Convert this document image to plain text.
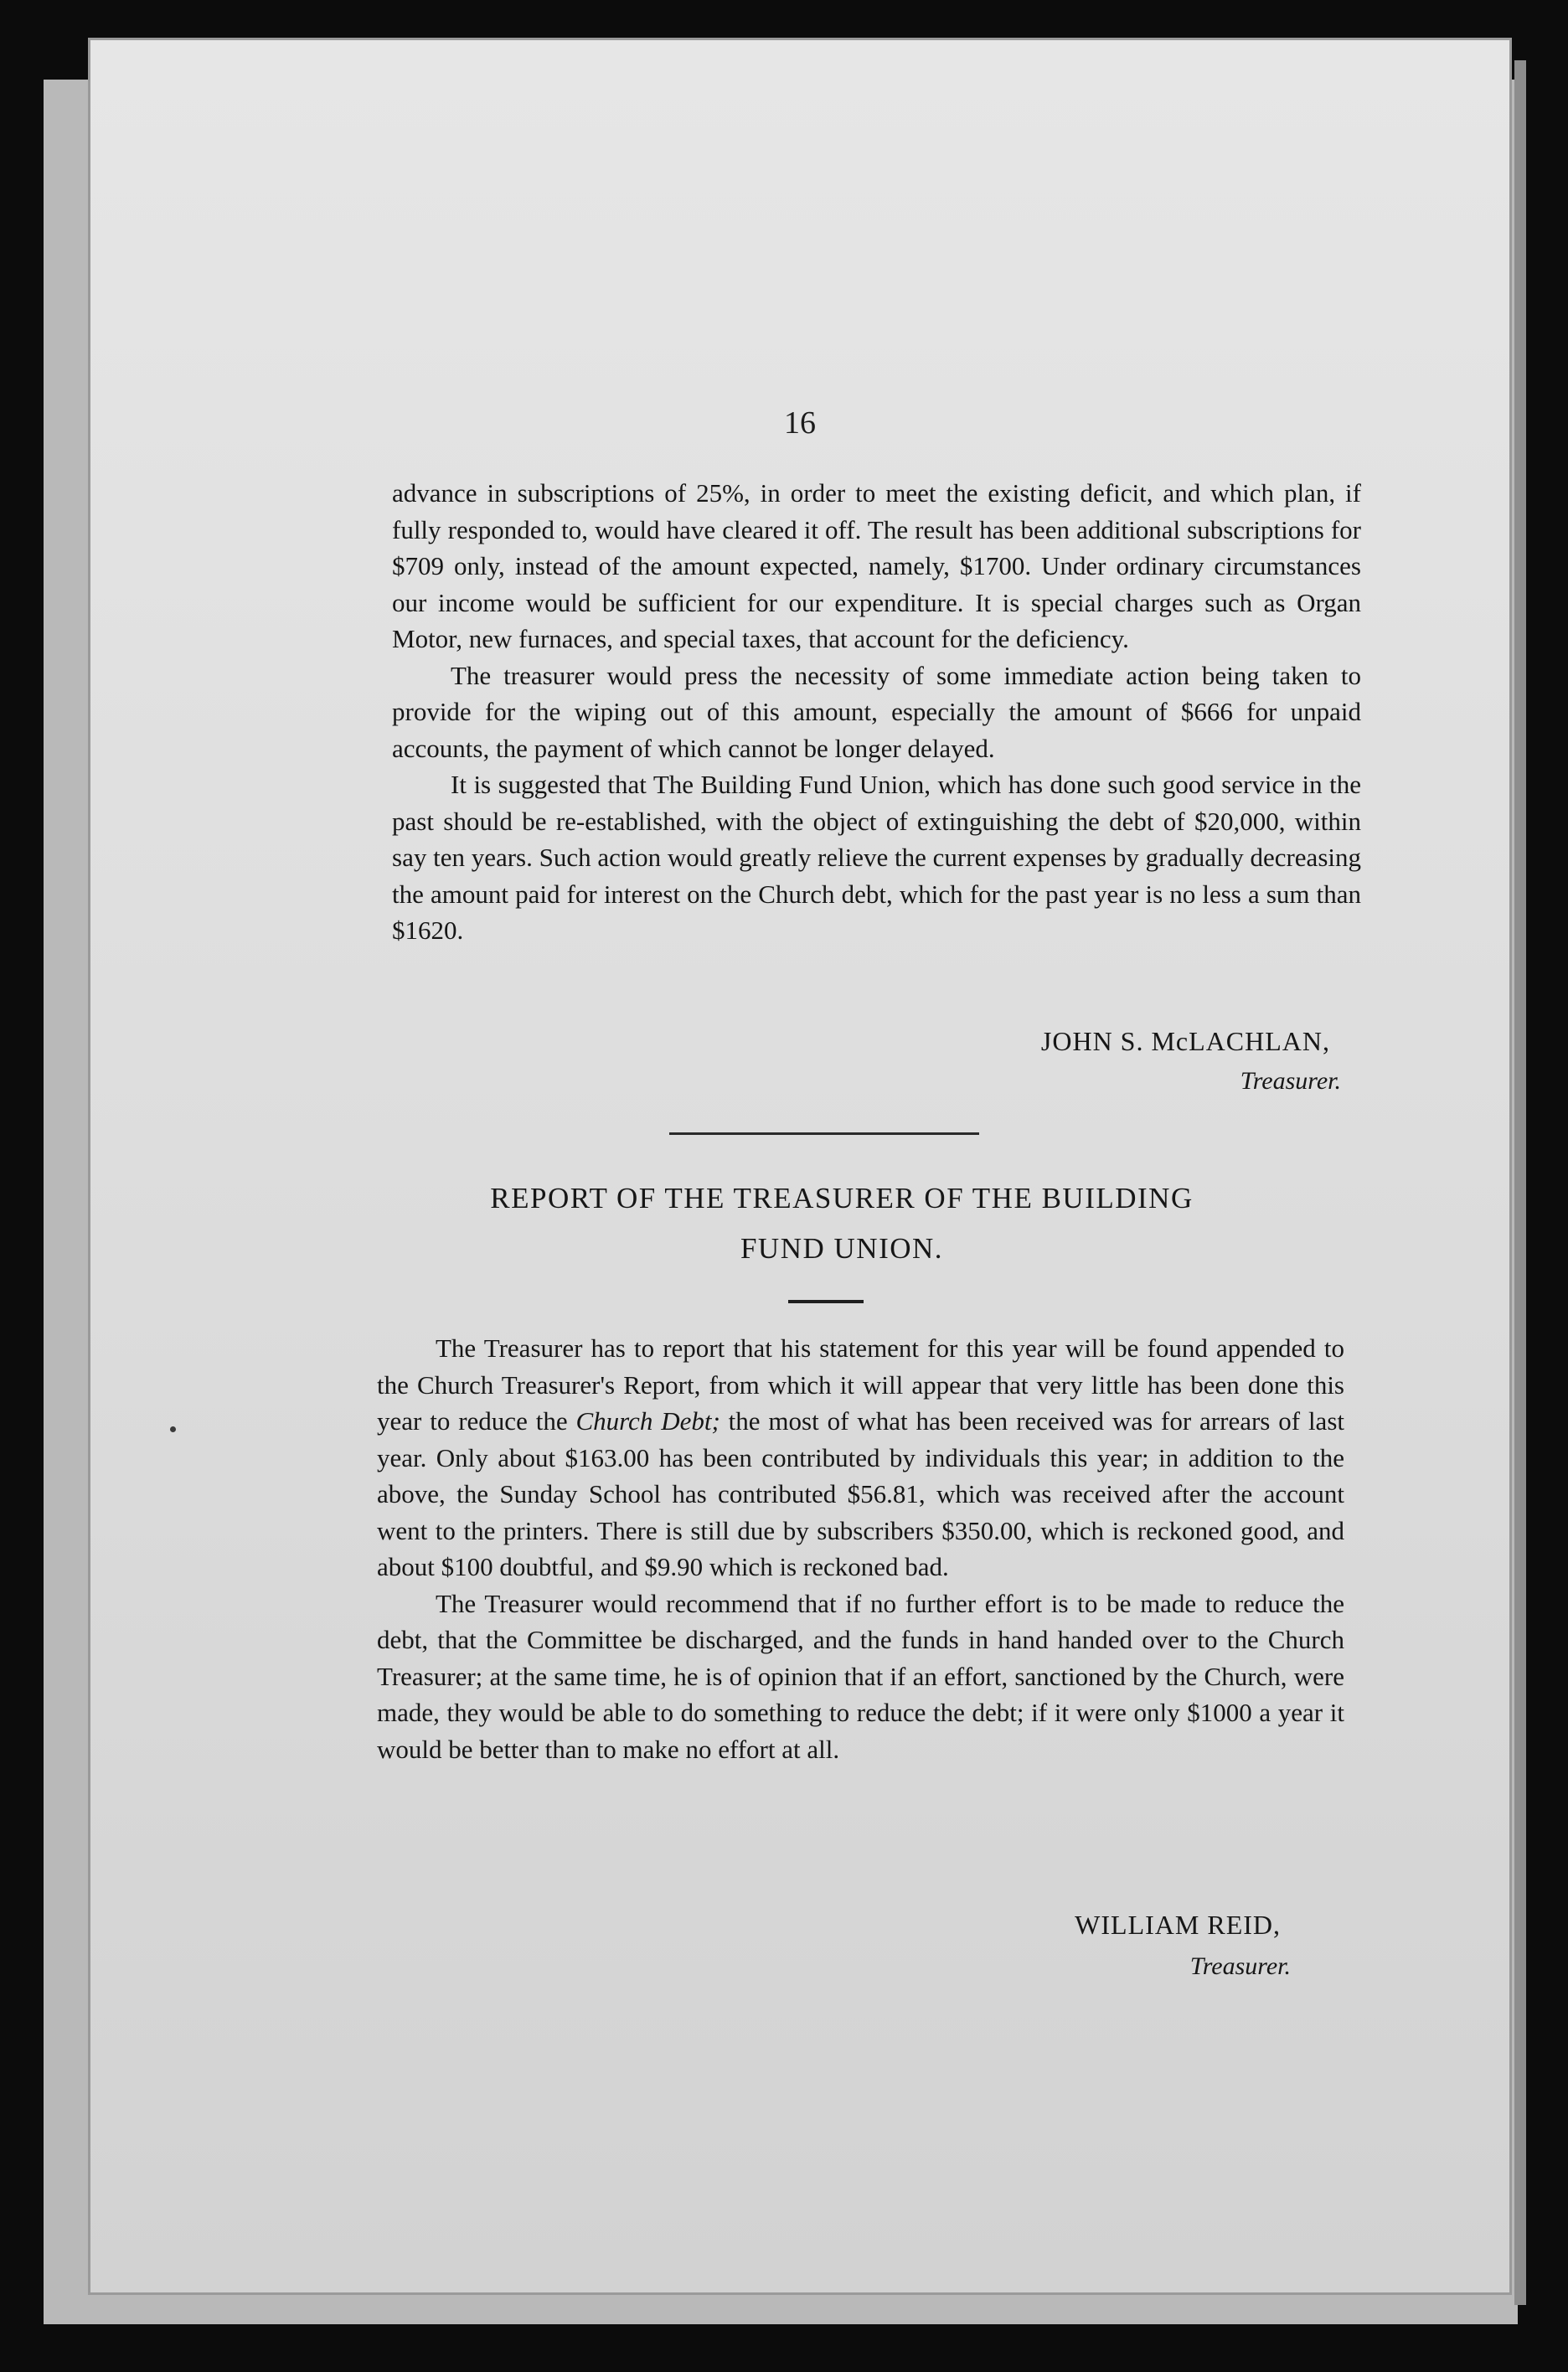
16

advance in subscriptions of 25%, in order to meet the existing deficit, and which plan, if fully responded to, would have cleared it off. The result has been additional subscriptions for $709 only, instead of the amount expected, namely, $1700. Under ordinary circumstances our income would be sufficient for our expenditure. It is special charges such as Organ Motor, new furnaces, and special taxes, that account for the deficiency.

The treasurer would press the necessity of some immediate action being taken to provide for the wiping out of this amount, especially the amount of $666 for unpaid accounts, the payment of which cannot be longer delayed.

It is suggested that The Building Fund Union, which has done such good service in the past should be re-established, with the object of extinguishing the debt of $20,000, within say ten years. Such action would greatly relieve the current expenses by gradually decreasing the amount paid for interest on the Church debt, which for the past year is no less a sum than $1620.

JOHN S. McLACHLAN,

Treasurer.

REPORT OF THE TREASURER OF THE BUILDING

FUND UNION.

The Treasurer has to report that his statement for this year will be found appended to the Church Treasurer's Report, from which it will appear that very little has been done this year to reduce the Church Debt; the most of what has been received was for arrears of last year. Only about $163.00 has been contributed by individuals this year; in addition to the above, the Sunday School has contributed $56.81, which was received after the account went to the printers. There is still due by subscribers $350.00, which is reckoned good, and about $100 doubtful, and $9.90 which is reckoned bad.

The Treasurer would recommend that if no further effort is to be made to reduce the debt, that the Committee be discharged, and the funds in hand handed over to the Church Treasurer; at the same time, he is of opinion that if an effort, sanctioned by the Church, were made, they would be able to do something to reduce the debt; if it were only $1000 a year it would be better than to make no effort at all.

WILLIAM REID,

Treasurer.
